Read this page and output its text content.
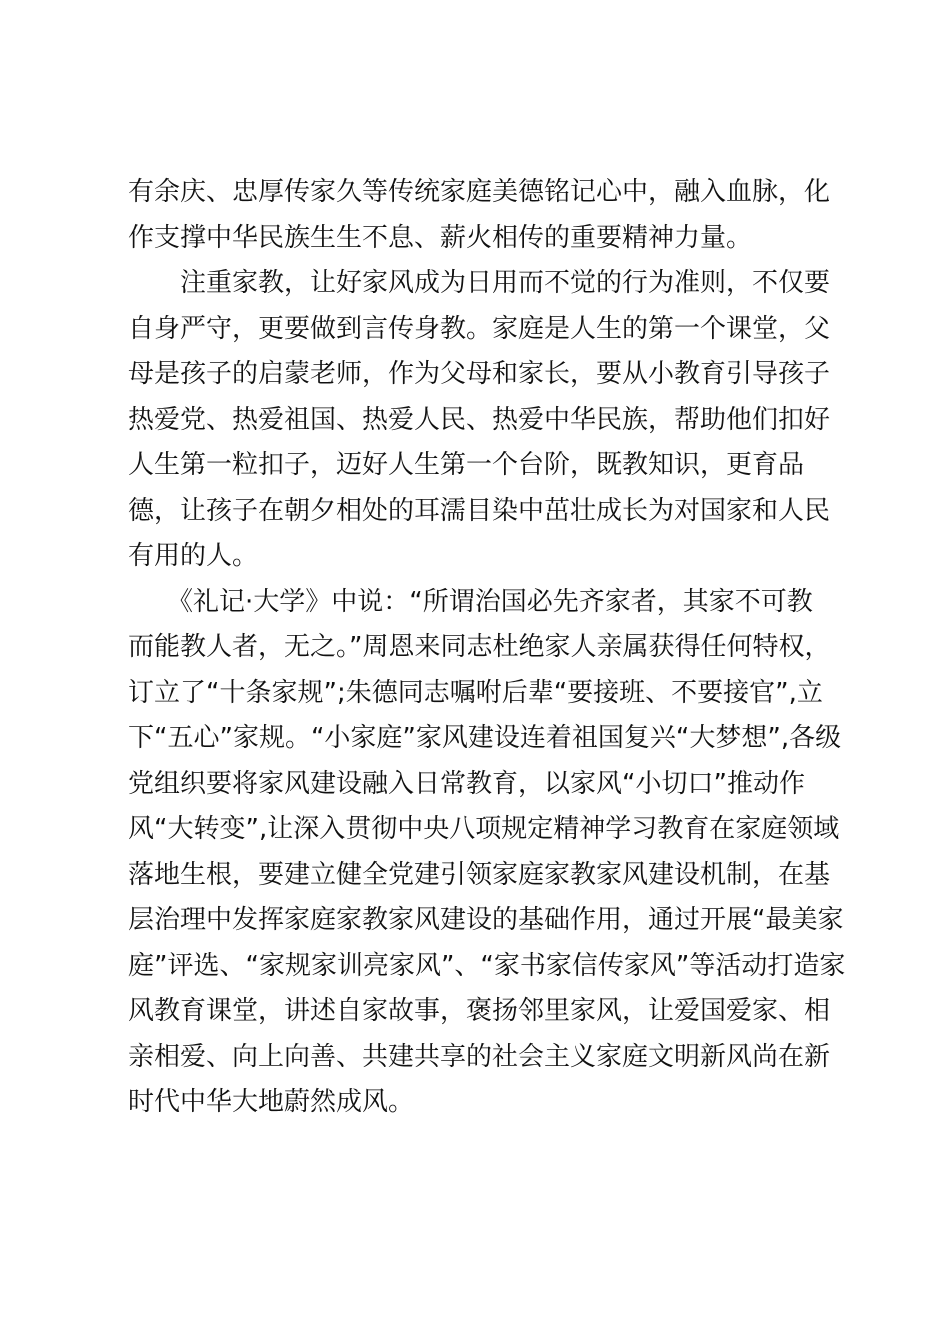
有余庆、忠厚传家久等传统家庭美德铭记心中，融入血脉，化
作支撑中华民族生生不息、薪火相传的重要精神力量。
　　注重家教，让好家风成为日用而不觉的行为准则，不仅要
自身严守，更要做到言传身教。家庭是人生的第一个课堂，父
母是孩子的启蒙老师，作为父母和家长，要从小教育引导孩子
热爱党、热爱祖国、热爱人民、热爱中华民族，帮助他们扣好
人生第一粒扣子，迈好人生第一个台阶，既教知识，更育品
德，让孩子在朝夕相处的耳濡目染中茁壮成长为对国家和人民
有用的人。
　　《礼记·大学》中说：“所谓治国必先齐家者，其家不可教
而能教人者，无之。”周恩来同志杜绝家人亲属获得任何特权，
订立了“十条家规”;朱德同志嘱咐后辈“要接班、不要接官”,立
下“五心”家规。“小家庭”家风建设连着祖国复兴“大梦想”,各级
党组织要将家风建设融入日常教育，以家风“小切口”推动作
风“大转变”,让深入贯彻中央八项规定精神学习教育在家庭领域
落地生根，要建立健全党建引领家庭家教家风建设机制，在基
层治理中发挥家庭家教家风建设的基础作用，通过开展“最美家
庭”评选、“家规家训亮家风”、“家书家信传家风”等活动打造家
风教育课堂，讲述自家故事，褒扬邻里家风，让爱国爱家、相
亲相爱、向上向善、共建共享的社会主义家庭文明新风尚在新
时代中华大地蔚然成风。
